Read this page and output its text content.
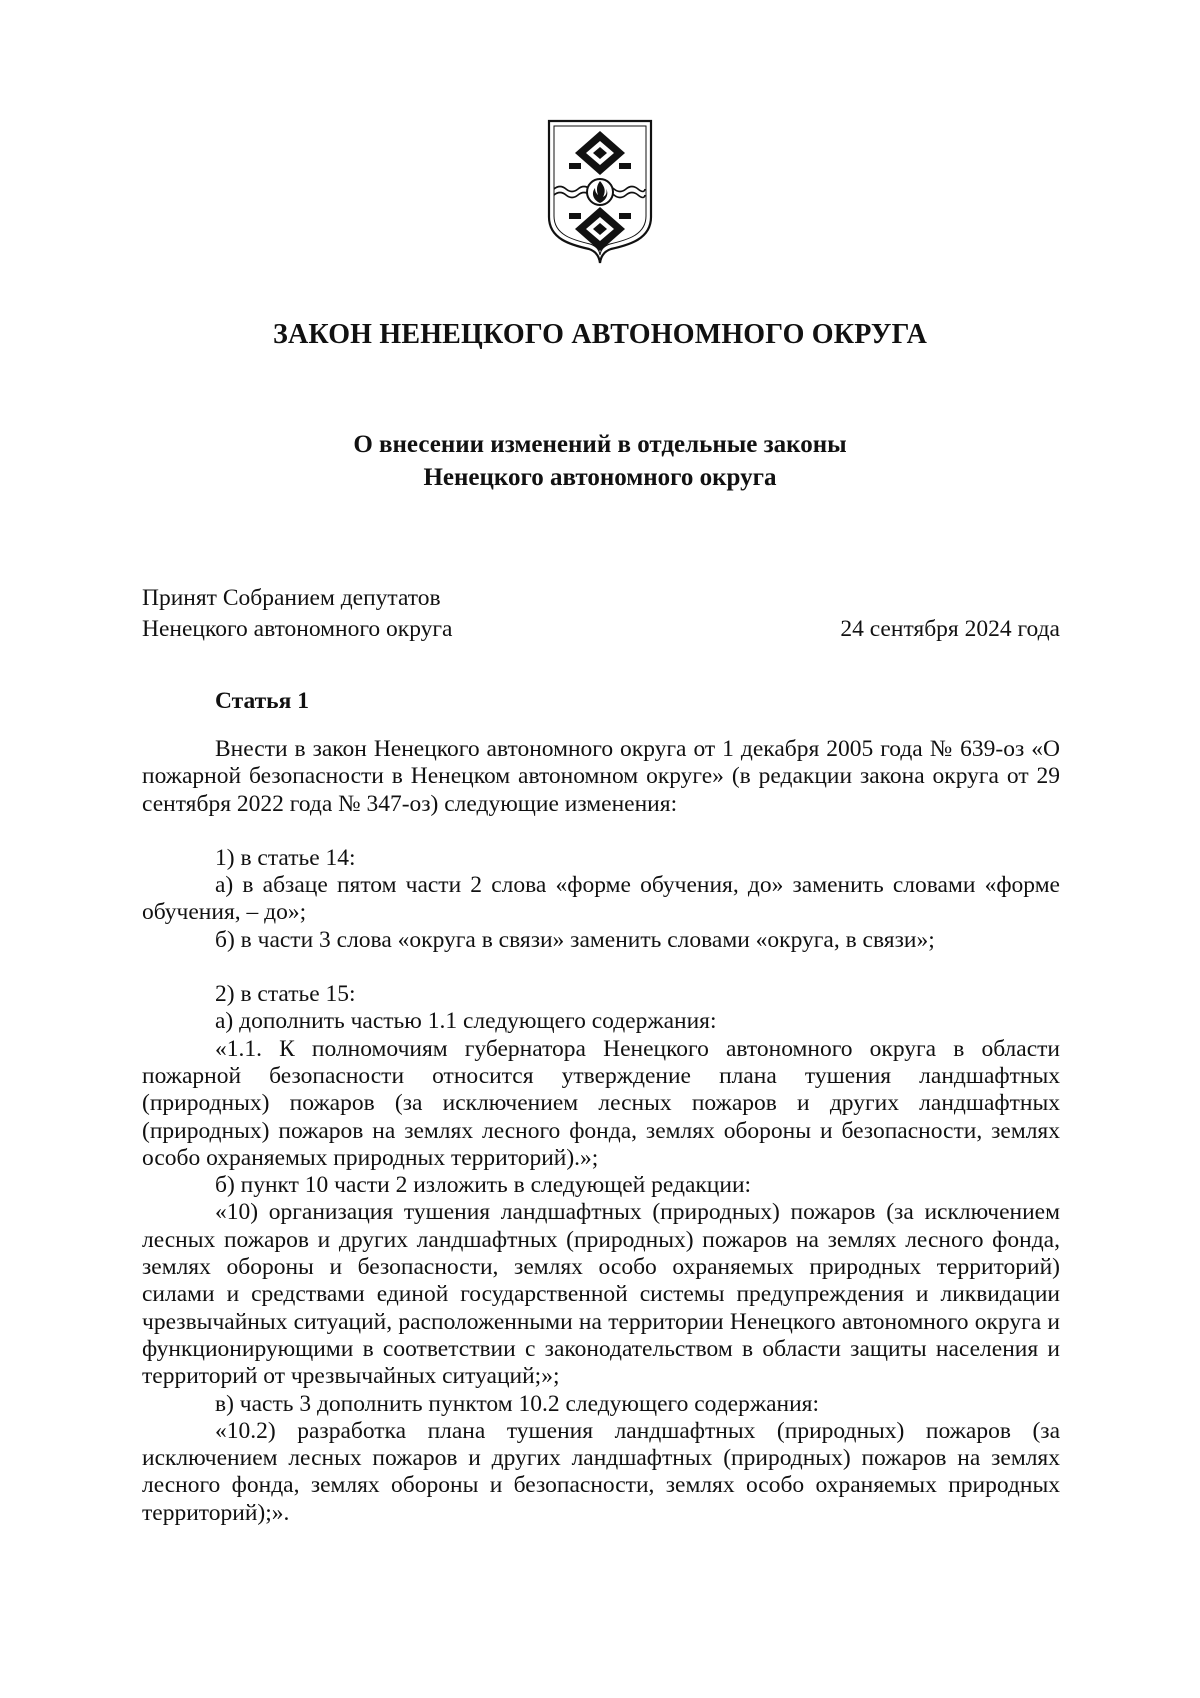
ЗАКОН НЕНЕЦКОГО АВТОНОМНОГО ОКРУГА
О внесении изменений в отдельные законы
Ненецкого автономного округа
Принят Собранием депутатов
Ненецкого автономного округа	24 сентября 2024 года
Статья 1

Внести в закон Ненецкого автономного округа от 1 декабря 2005 года № 639-оз «О пожарной безопасности в Ненецком автономном округе» (в редакции закона округа от 29 сентября 2022 года № 347-оз) следующие изменения:

1) в статье 14:

а) в абзаце пятом части 2 слова «форме обучения, до» заменить словами «форме обучения, – до»;

б) в части 3 слова «округа в связи» заменить словами «округа, в связи»;

2) в статье 15:

а) дополнить частью 1.1 следующего содержания:

«1.1. К полномочиям губернатора Ненецкого автономного округа в области пожарной безопасности относится утверждение плана тушения ландшафтных (природных) пожаров (за исключением лесных пожаров и других ландшафтных (природных) пожаров на землях лесного фонда, землях обороны и безопасности, землях особо охраняемых природных территорий).»;

б) пункт 10 части 2 изложить в следующей редакции:

«10) организация тушения ландшафтных (природных) пожаров (за исключением лесных пожаров и других ландшафтных (природных) пожаров на землях лесного фонда, землях обороны и безопасности, землях особо охраняемых природных территорий) силами и средствами единой государственной системы предупреждения и ликвидации чрезвычайных ситуаций, расположенными на территории Ненецкого автономного округа и функционирующими в соответствии с законодательством в области защиты населения и территорий от чрезвычайных ситуаций;»;

в) часть 3 дополнить пунктом 10.2 следующего содержания:

«10.2) разработка плана тушения ландшафтных (природных) пожаров (за исключением лесных пожаров и других ландшафтных (природных) пожаров на землях лесного фонда, землях обороны и безопасности, землях особо охраняемых природных территорий);».
